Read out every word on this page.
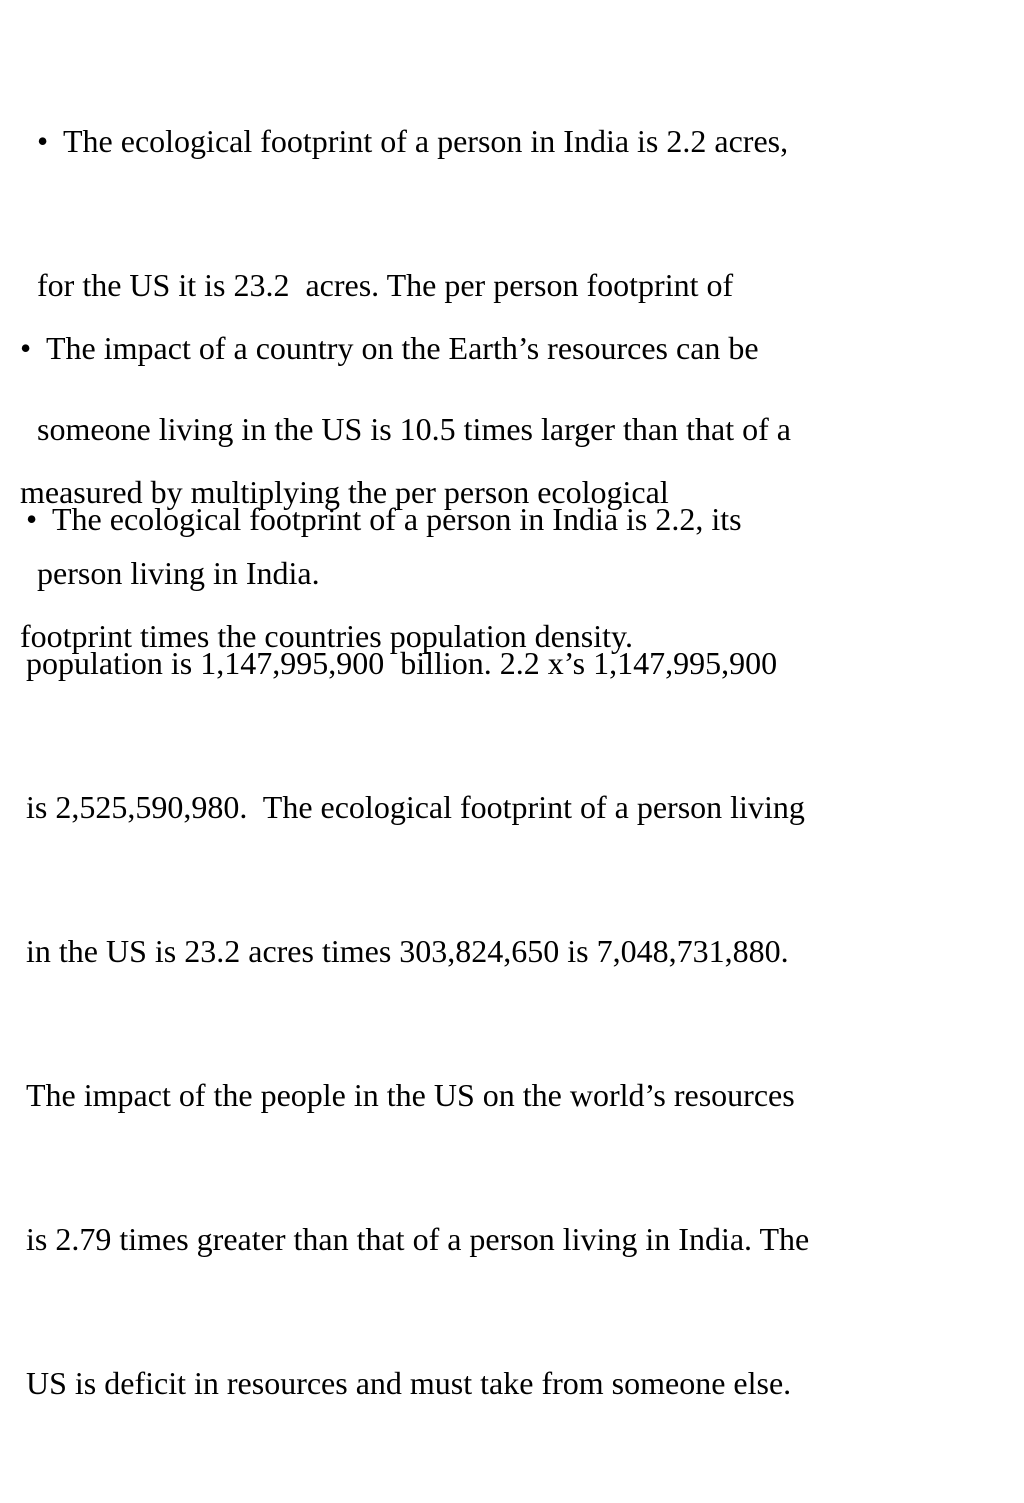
• The ecological footprint of a person in India is 2.2 acres,

for the US it is 23.2  acres. The per person footprint of

someone living in the US is 10.5 times larger than that of a

person living in India.

• The impact of a country on the Earth’s resources can be

measured by multiplying the per person ecological

footprint times the countries population density.

• The ecological footprint of a person in India is 2.2, its

population is 1,147,995,900  billion. 2.2 x’s 1,147,995,900

is 2,525,590,980.  The ecological footprint of a person living

in the US is 23.2 acres times 303,824,650 is 7,048,731,880.

The impact of the people in the US on the world’s resources

is 2.79 times greater than that of a person living in India. The

US is deficit in resources and must take from someone else.
